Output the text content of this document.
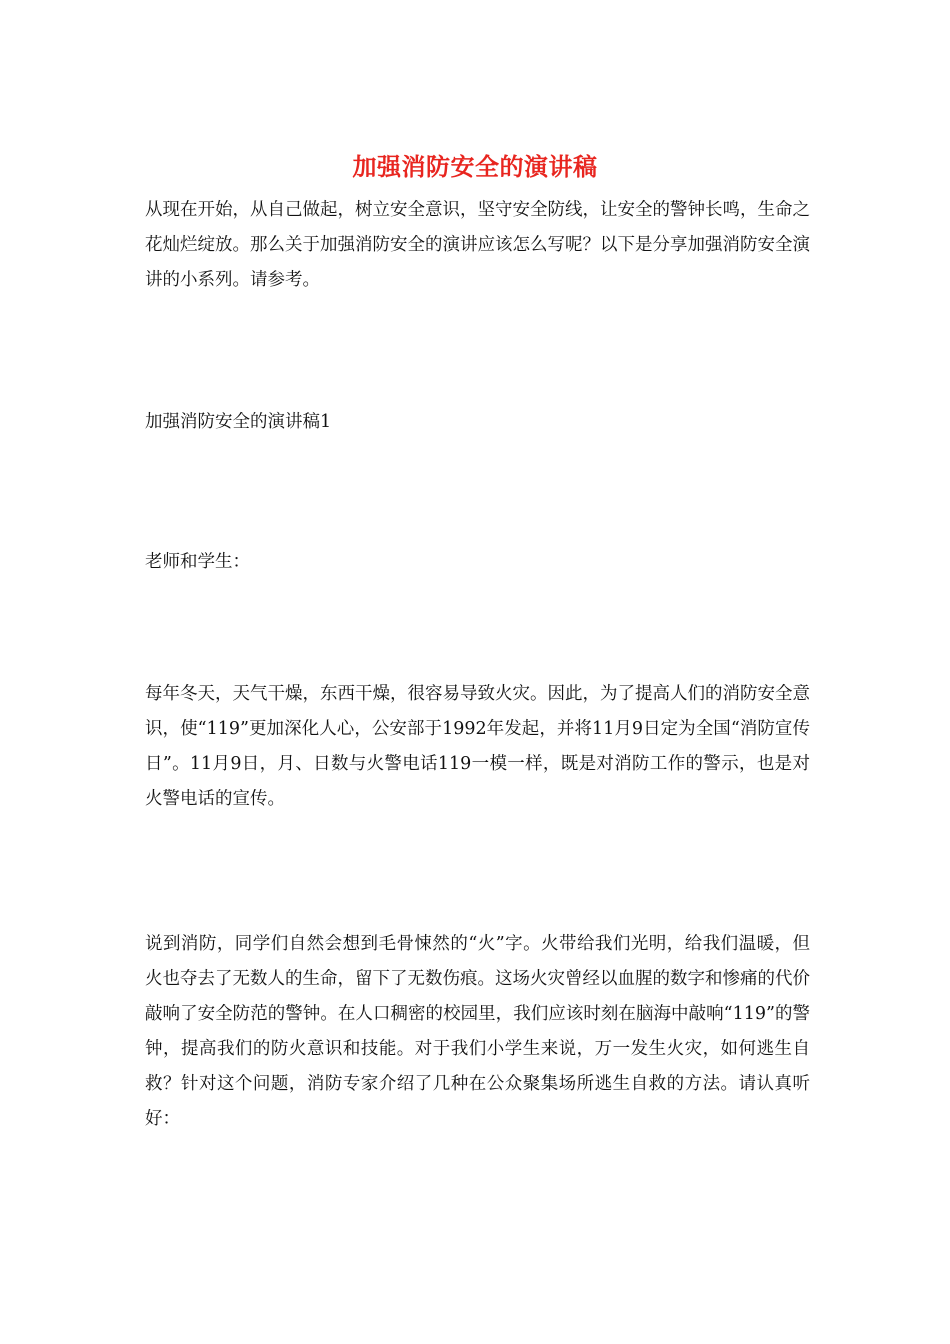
加强消防安全的演讲稿

从现在开始，从自己做起，树立安全意识，坚守安全防线，让安全的警钟长鸣，生命之花灿烂绽放。那么关于加强消防安全的演讲应该怎么写呢？以下是分享加强消防安全演讲的小系列。请参考。

加强消防安全的演讲稿1

老师和学生：

每年冬天，天气干燥，东西干燥，很容易导致火灾。因此，为了提高人们的消防安全意识，使“119”更加深化人心，公安部于1992年发起，并将11月9日定为全国“消防宣传日”。11月9日，月、日数与火警电话119一模一样，既是对消防工作的警示，也是对火警电话的宣传。

说到消防，同学们自然会想到毛骨悚然的“火”字。火带给我们光明，给我们温暖，但火也夺去了无数人的生命，留下了无数伤痕。这场火灾曾经以血腥的数字和惨痛的代价敲响了安全防范的警钟。在人口稠密的校园里，我们应该时刻在脑海中敲响“119”的警钟，提高我们的防火意识和技能。对于我们小学生来说，万一发生火灾，如何逃生自救？针对这个问题，消防专家介绍了几种在公众聚集场所逃生自救的方法。请认真听好：
